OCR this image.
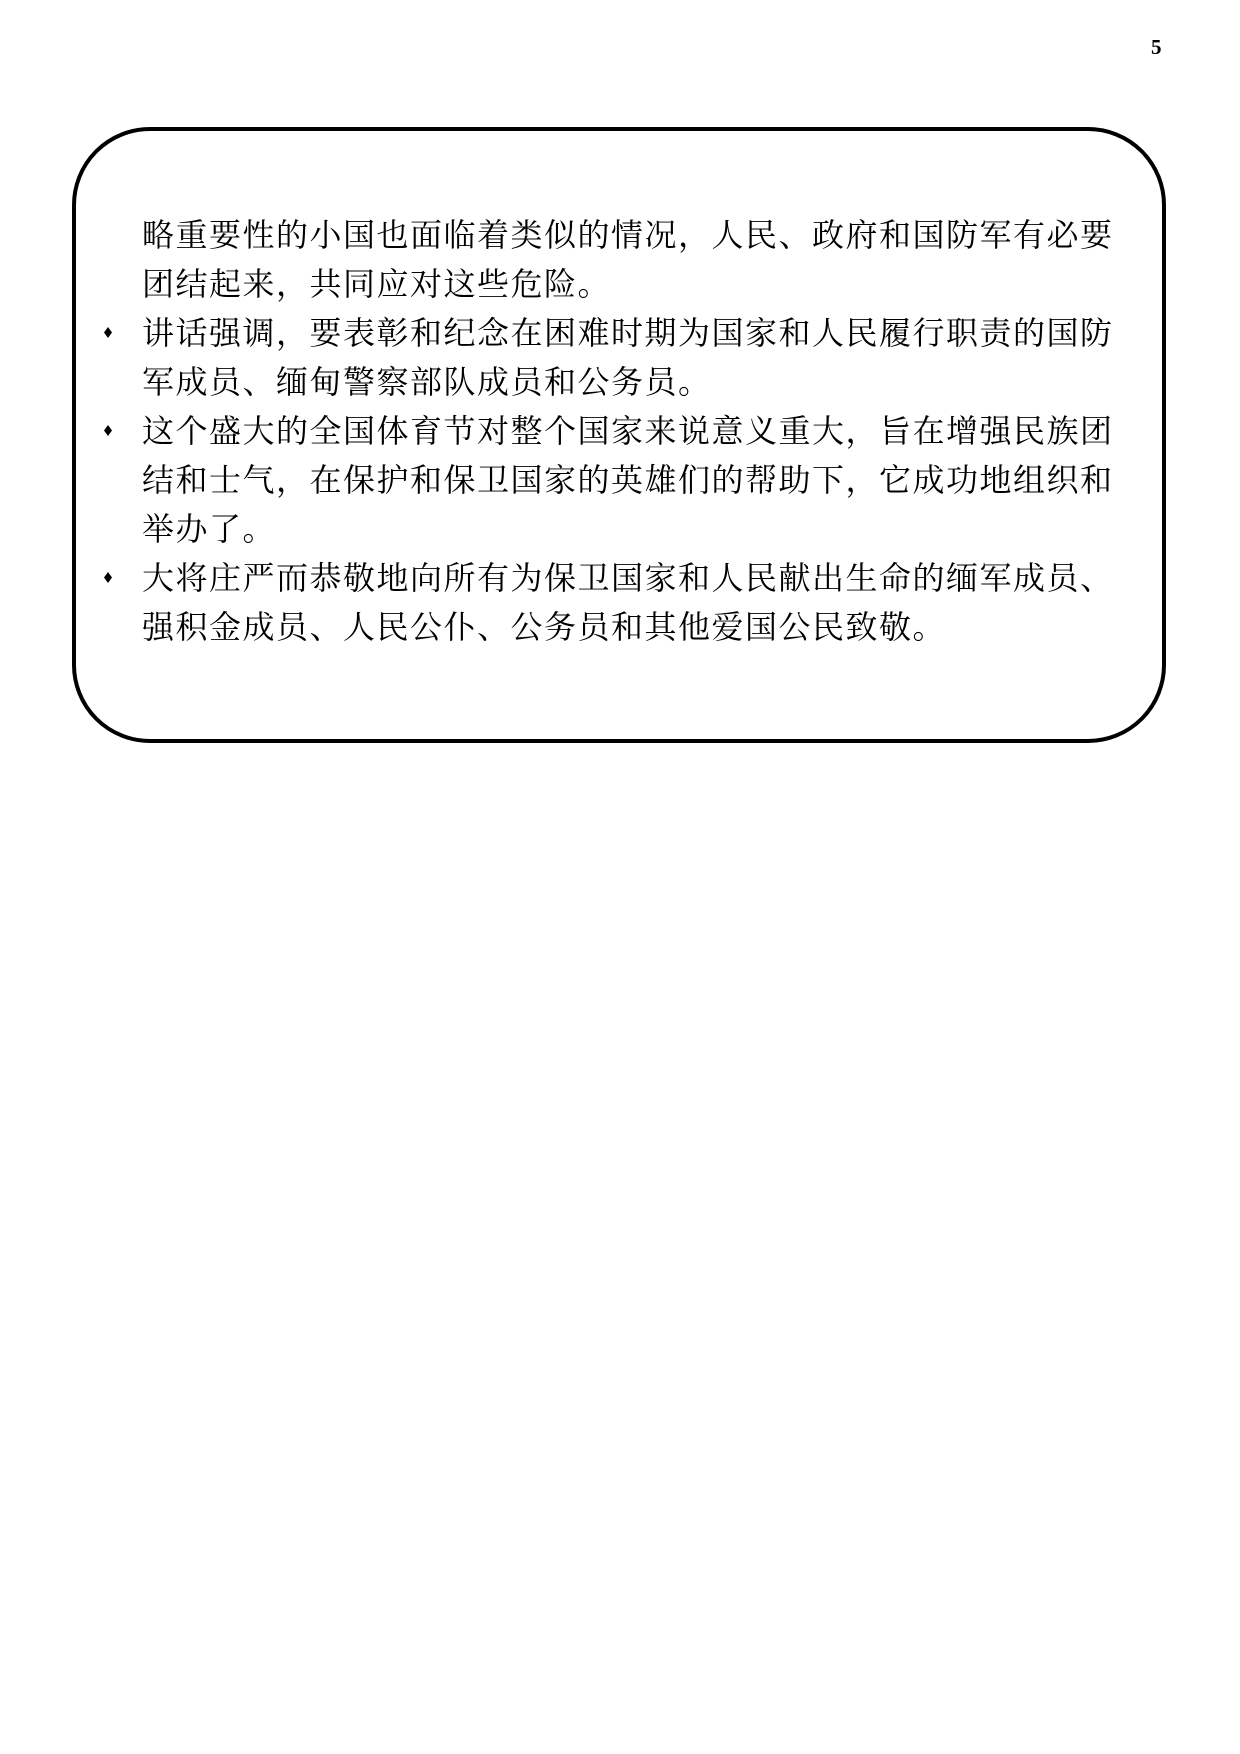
5

略重要性的小国也面临着类似的情况，人民、政府和国防军有必要
团结起来，共同应对这些危险。

讲话强调，要表彰和纪念在困难时期为国家和人民履行职责的国防
军成员、缅甸警察部队成员和公务员。

这个盛大的全国体育节对整个国家来说意义重大，旨在增强民族团
结和士气，在保护和保卫国家的英雄们的帮助下，它成功地组织和
举办了。

大将庄严而恭敬地向所有为保卫国家和人民献出生命的缅军成员、
强积金成员、人民公仆、公务员和其他爱国公民致敬。
